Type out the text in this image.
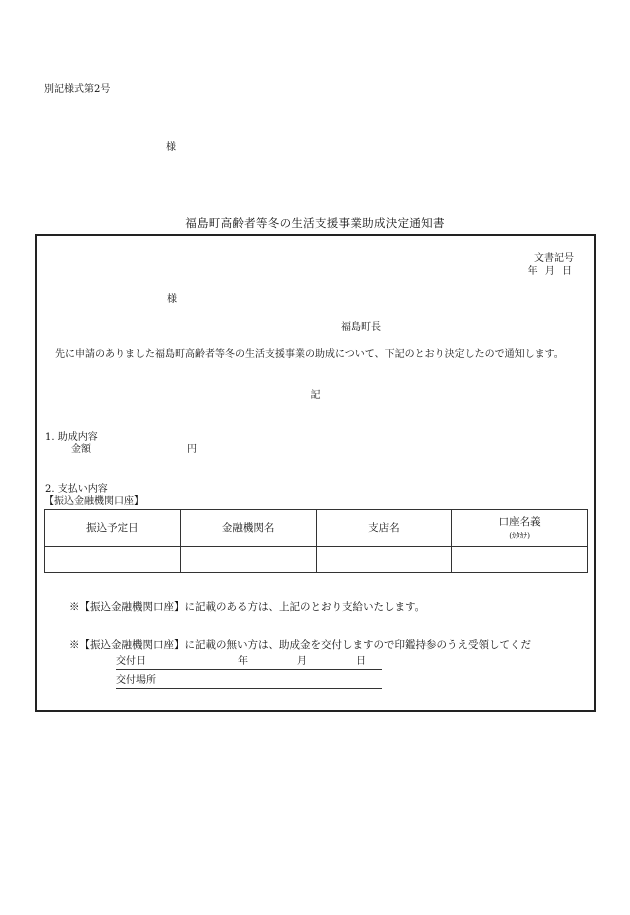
別記様式第2号
様
福島町高齢者等冬の生活支援事業助成決定通知書
文書記号
年 月 日
様
福島町長
先に申請のありました福島町高齢者等冬の生活支援事業の助成について、下記のとおり決定したので通知します。
記
1. 助成内容
金額	円
2. 支払い内容
【振込金融機関口座】
振込予定日	金融機関名	支店名	口座名義
(ｶﾀｶﾅ)

※【振込金融機関口座】に記載のある方は、上記のとおり支給いたします。
※【振込金融機関口座】に記載の無い方は、助成金を交付しますので印鑑持参のうえ受領してくだ
交付日	年	月	日
交付場所
